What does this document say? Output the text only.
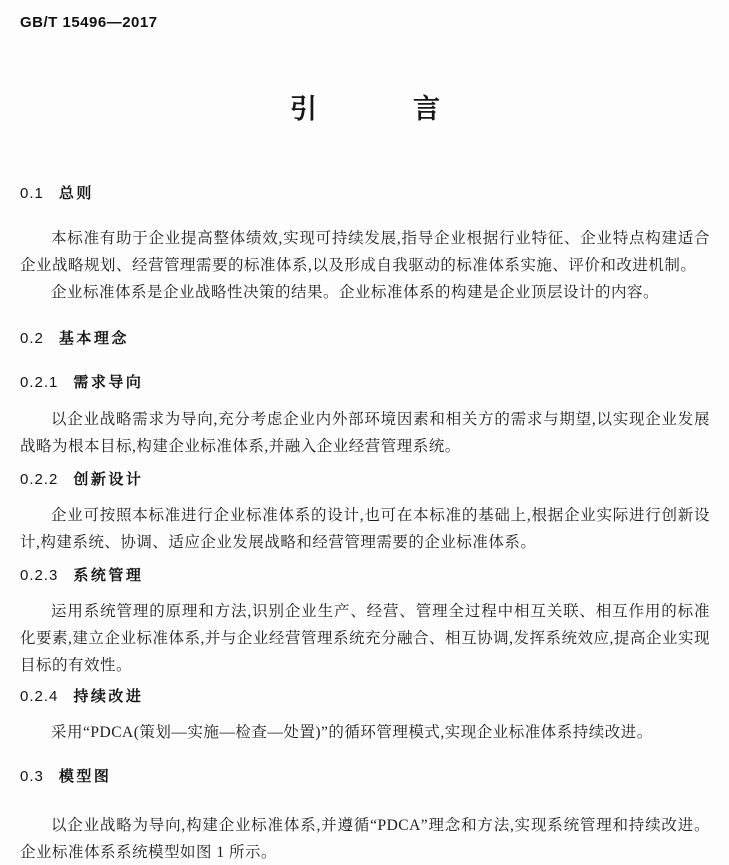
GB/T 15496—2017
引	言
0.1 总则

本标准有助于企业提高整体绩效,实现可持续发展,指导企业根据行业特征、企业特点构建适合企业战略规划、经营管理需要的标准体系,以及形成自我驱动的标准体系实施、评价和改进机制。

企业标准体系是企业战略性决策的结果。企业标准体系的构建是企业顶层设计的内容。

0.2 基本理念
0.2.1 需求导向

以企业战略需求为导向,充分考虑企业内外部环境因素和相关方的需求与期望,以实现企业发展战略为根本目标,构建企业标准体系,并融入企业经营管理系统。

0.2.2 创新设计

企业可按照本标准进行企业标准体系的设计,也可在本标准的基础上,根据企业实际进行创新设计,构建系统、协调、适应企业发展战略和经营管理需要的企业标准体系。

0.2.3 系统管理

运用系统管理的原理和方法,识别企业生产、经营、管理全过程中相互关联、相互作用的标准化要素,建立企业标准体系,并与企业经营管理系统充分融合、相互协调,发挥系统效应,提高企业实现目标的有效性。

0.2.4 持续改进

采用“PDCA(策划—实施—检查—处置)”的循环管理模式,实现企业标准体系持续改进。

0.3 模型图

以企业战略为导向,构建企业标准体系,并遵循“PDCA”理念和方法,实现系统管理和持续改进。企业标准体系系统模型如图 1 所示。
